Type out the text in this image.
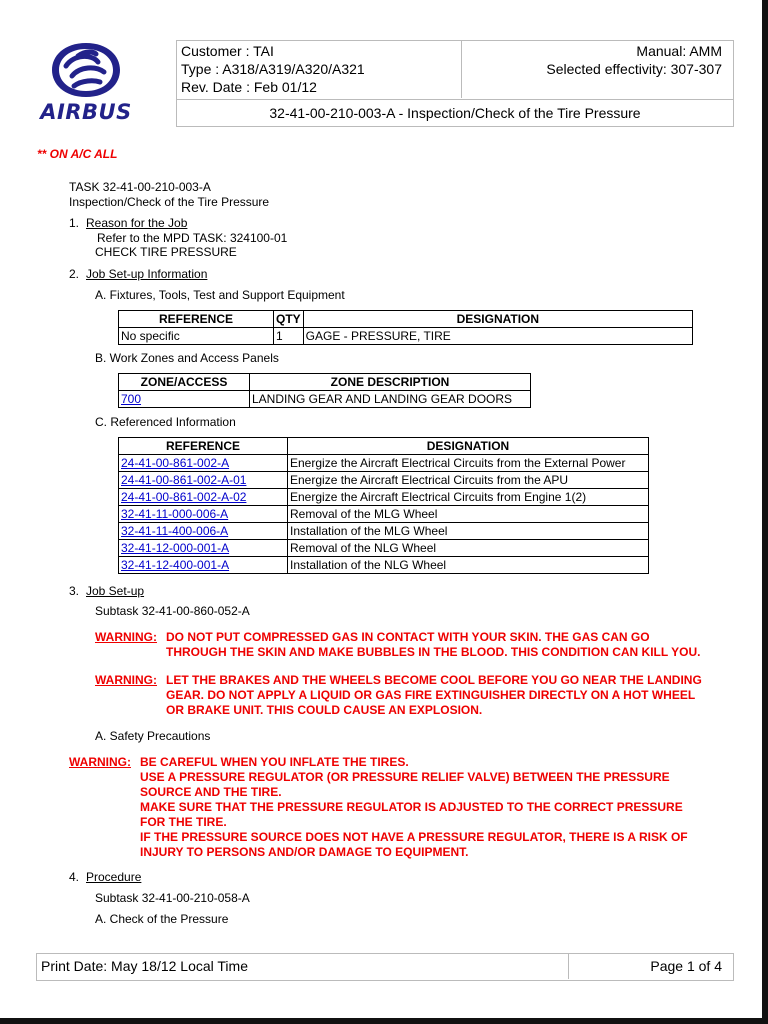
AIRBUS
Customer : TAI
Type : A318/A319/A320/A321
Rev. Date : Feb 01/12
Manual: AMM
Selected effectivity: 307-307
32-41-00-210-003-A - Inspection/Check of the Tire Pressure
** ON A/C ALL
TASK 32-41-00-210-003-A
Inspection/Check of the Tire Pressure
1. Reason for the Job
Refer to the MPD TASK: 324100-01
CHECK TIRE PRESSURE
2. Job Set-up Information
A. Fixtures, Tools, Test and Support Equipment
REFERENCE	QTY	DESIGNATION
No specific	1	GAGE - PRESSURE, TIRE
B. Work Zones and Access Panels
ZONE/ACCESS	ZONE DESCRIPTION
700	LANDING GEAR AND LANDING GEAR DOORS
C. Referenced Information
REFERENCE	DESIGNATION
24-41-00-861-002-A	Energize the Aircraft Electrical Circuits from the External Power
24-41-00-861-002-A-01	Energize the Aircraft Electrical Circuits from the APU
24-41-00-861-002-A-02	Energize the Aircraft Electrical Circuits from Engine 1(2)
32-41-11-000-006-A	Removal of the MLG Wheel
32-41-11-400-006-A	Installation of the MLG Wheel
32-41-12-000-001-A	Removal of the NLG Wheel
32-41-12-400-001-A	Installation of the NLG Wheel
3. Job Set-up
Subtask 32-41-00-860-052-A
WARNING: DO NOT PUT COMPRESSED GAS IN CONTACT WITH YOUR SKIN. THE GAS CAN GO
THROUGH THE SKIN AND MAKE BUBBLES IN THE BLOOD. THIS CONDITION CAN KILL YOU.
WARNING: LET THE BRAKES AND THE WHEELS BECOME COOL BEFORE YOU GO NEAR THE LANDING
GEAR. DO NOT APPLY A LIQUID OR GAS FIRE EXTINGUISHER DIRECTLY ON A HOT WHEEL
OR BRAKE UNIT. THIS COULD CAUSE AN EXPLOSION.
A. Safety Precautions
WARNING: BE CAREFUL WHEN YOU INFLATE THE TIRES.
USE A PRESSURE REGULATOR (OR PRESSURE RELIEF VALVE) BETWEEN THE PRESSURE
SOURCE AND THE TIRE.
MAKE SURE THAT THE PRESSURE REGULATOR IS ADJUSTED TO THE CORRECT PRESSURE
FOR THE TIRE.
IF THE PRESSURE SOURCE DOES NOT HAVE A PRESSURE REGULATOR, THERE IS A RISK OF
INJURY TO PERSONS AND/OR DAMAGE TO EQUIPMENT.
4. Procedure
Subtask 32-41-00-210-058-A
A. Check of the Pressure
Print Date: May 18/12 Local Time	Page 1 of 4
